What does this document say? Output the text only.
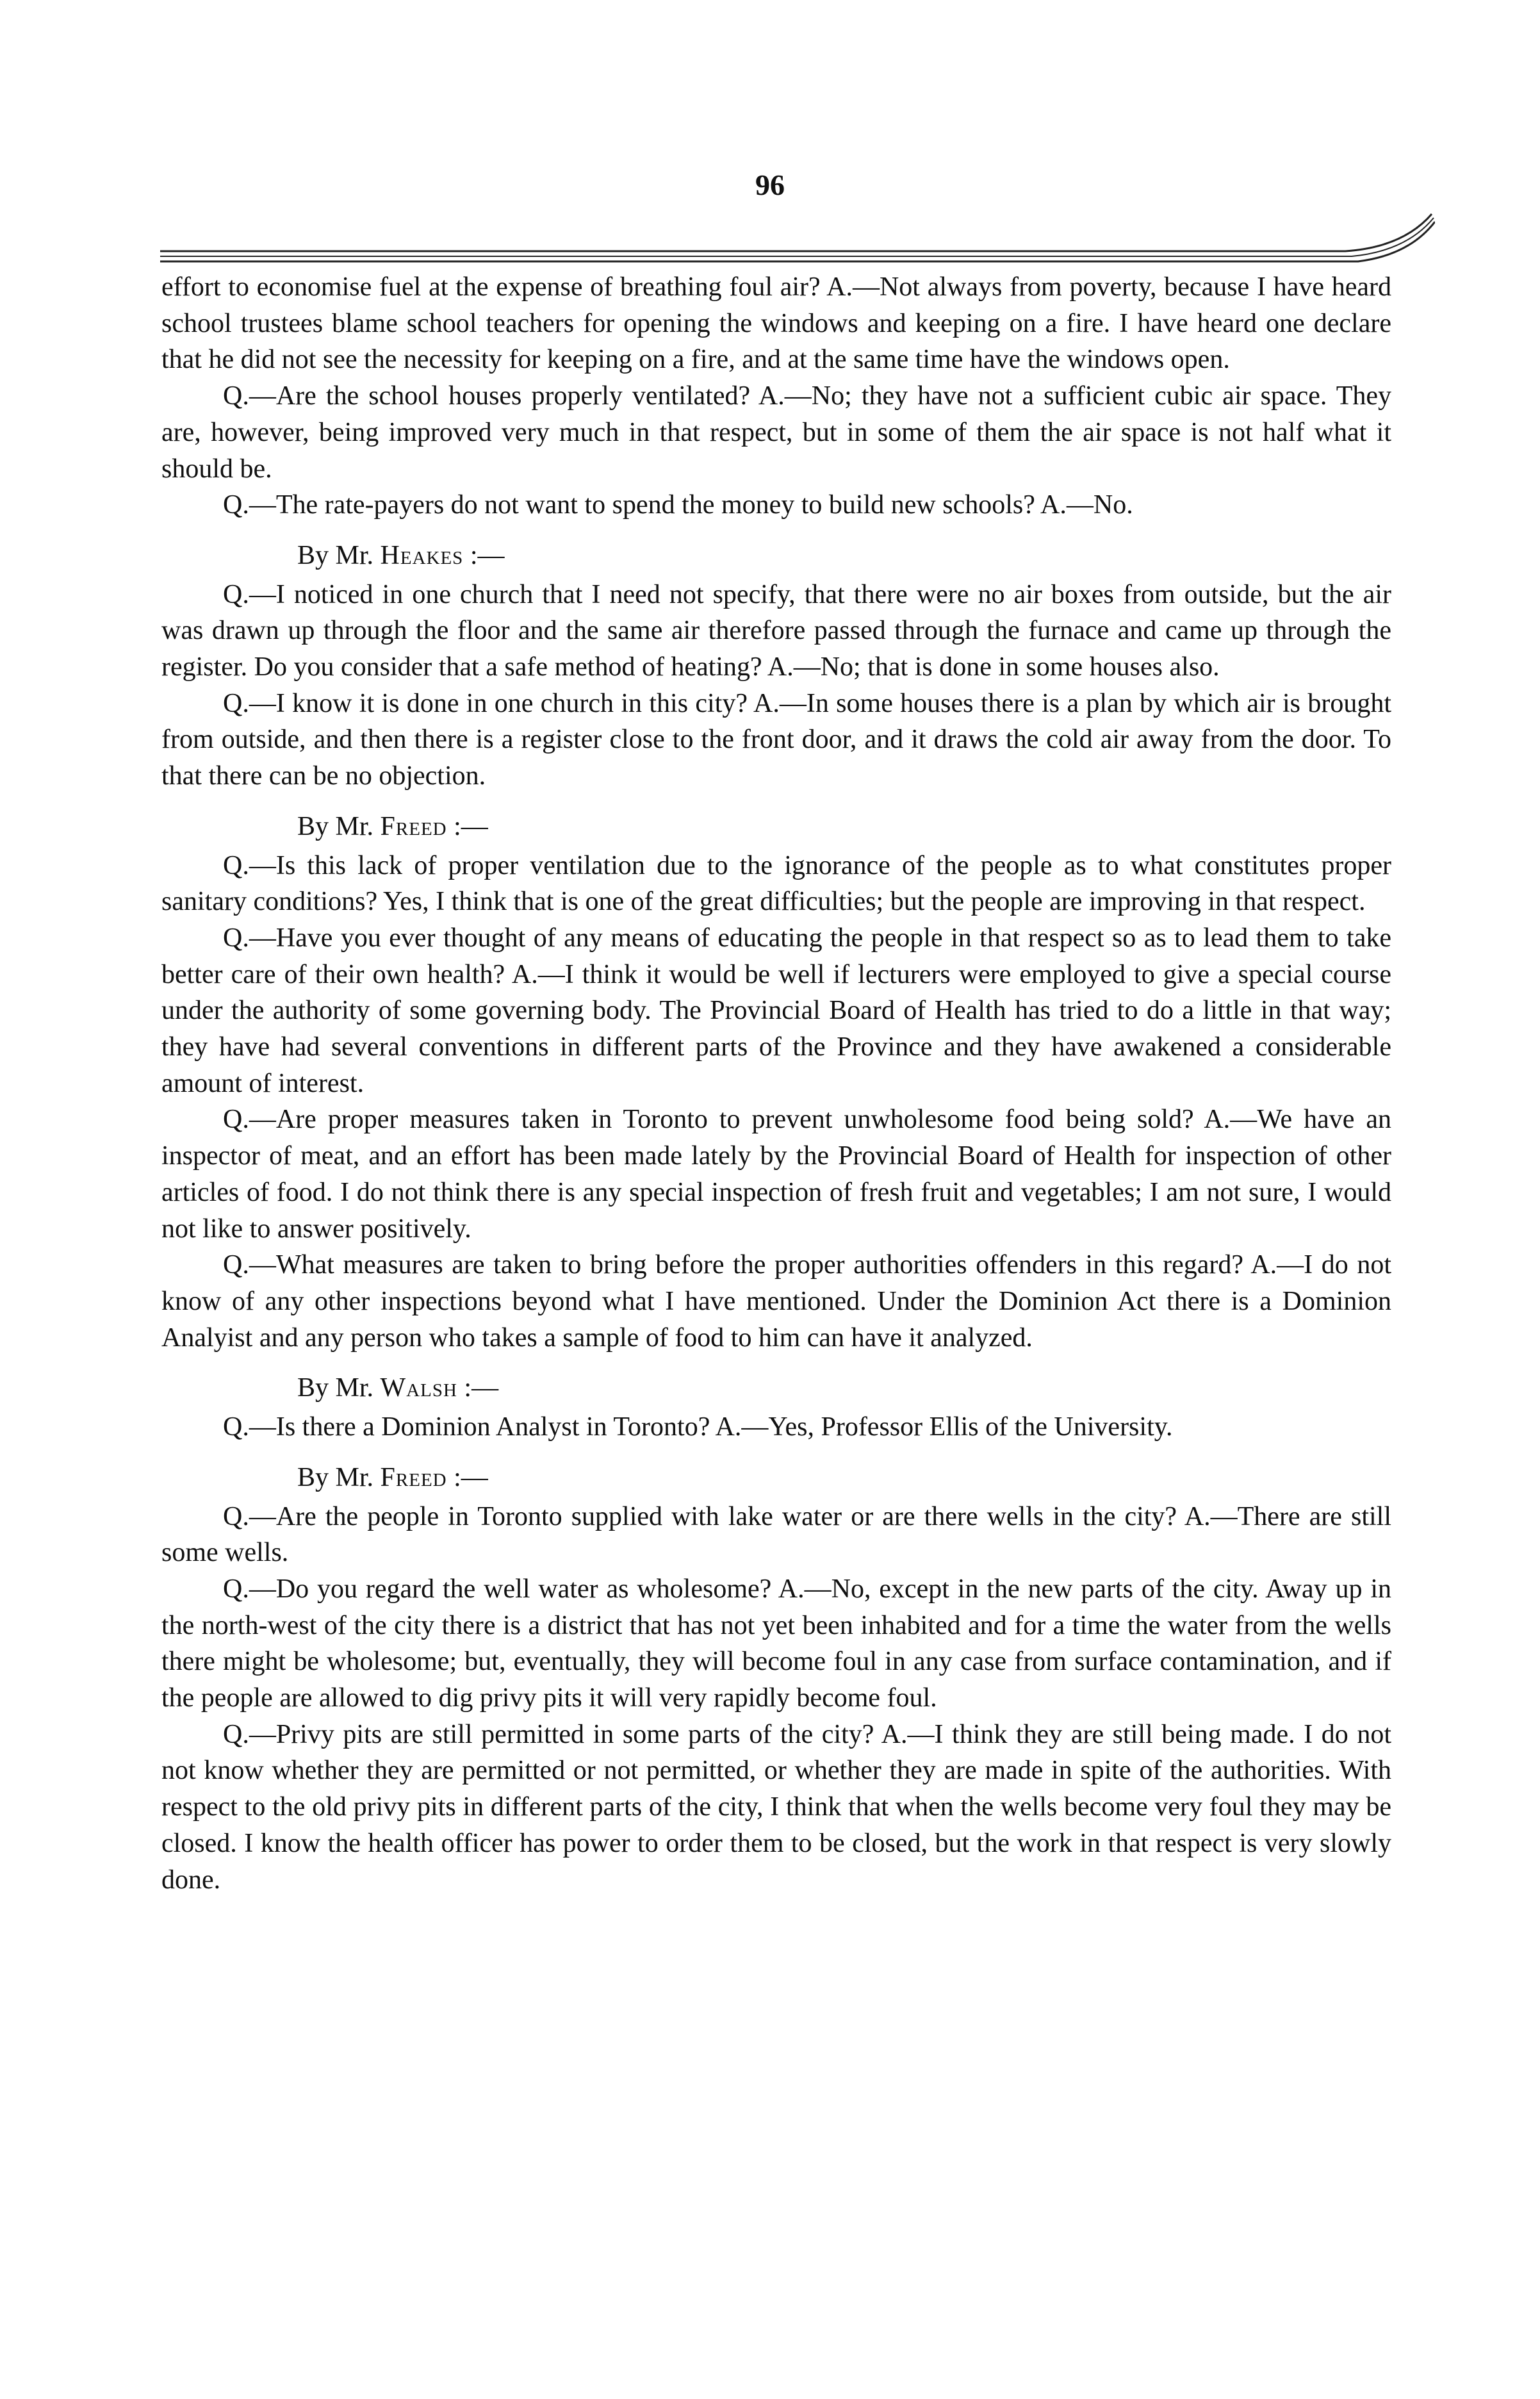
96

effort to economise fuel at the expense of breathing foul air? A.—Not always from poverty, because I have heard school trustees blame school teachers for opening the windows and keeping on a fire. I have heard one declare that he did not see the necessity for keeping on a fire, and at the same time have the windows open.

Q.—Are the school houses properly ventilated? A.—No; they have not a sufficient cubic air space. They are, however, being improved very much in that respect, but in some of them the air space is not half what it should be.

Q.—The rate-payers do not want to spend the money to build new schools? A.—No.

By Mr. Heakes :—

Q.—I noticed in one church that I need not specify, that there were no air boxes from outside, but the air was drawn up through the floor and the same air therefore passed through the furnace and came up through the register. Do you consider that a safe method of heating? A.—No; that is done in some houses also.

Q.—I know it is done in one church in this city? A.—In some houses there is a plan by which air is brought from outside, and then there is a register close to the front door, and it draws the cold air away from the door. To that there can be no objection.

By Mr. Freed :—

Q.—Is this lack of proper ventilation due to the ignorance of the people as to what constitutes proper sanitary conditions? Yes, I think that is one of the great difficulties; but the people are improving in that respect.

Q.—Have you ever thought of any means of educating the people in that respect so as to lead them to take better care of their own health? A.—I think it would be well if lecturers were employed to give a special course under the authority of some governing body. The Provincial Board of Health has tried to do a little in that way; they have had several conventions in different parts of the Province and they have awakened a considerable amount of interest.

Q.—Are proper measures taken in Toronto to prevent unwholesome food being sold? A.—We have an inspector of meat, and an effort has been made lately by the Provincial Board of Health for inspection of other articles of food. I do not think there is any special inspection of fresh fruit and vegetables; I am not sure, I would not like to answer positively.

Q.—What measures are taken to bring before the proper authorities offenders in this regard? A.—I do not know of any other inspections beyond what I have mentioned. Under the Dominion Act there is a Dominion Analyist and any person who takes a sample of food to him can have it analyzed.

By Mr. Walsh :—

Q.—Is there a Dominion Analyst in Toronto? A.—Yes, Professor Ellis of the University.

By Mr. Freed :—

Q.—Are the people in Toronto supplied with lake water or are there wells in the city? A.—There are still some wells.

Q.—Do you regard the well water as wholesome? A.—No, except in the new parts of the city. Away up in the north-west of the city there is a district that has not yet been inhabited and for a time the water from the wells there might be wholesome; but, eventually, they will become foul in any case from surface contamination, and if the people are allowed to dig privy pits it will very rapidly become foul.

Q.—Privy pits are still permitted in some parts of the city? A.—I think they are still being made. I do not not know whether they are permitted or not permitted, or whether they are made in spite of the authorities. With respect to the old privy pits in different parts of the city, I think that when the wells become very foul they may be closed. I know the health officer has power to order them to be closed, but the work in that respect is very slowly done.
